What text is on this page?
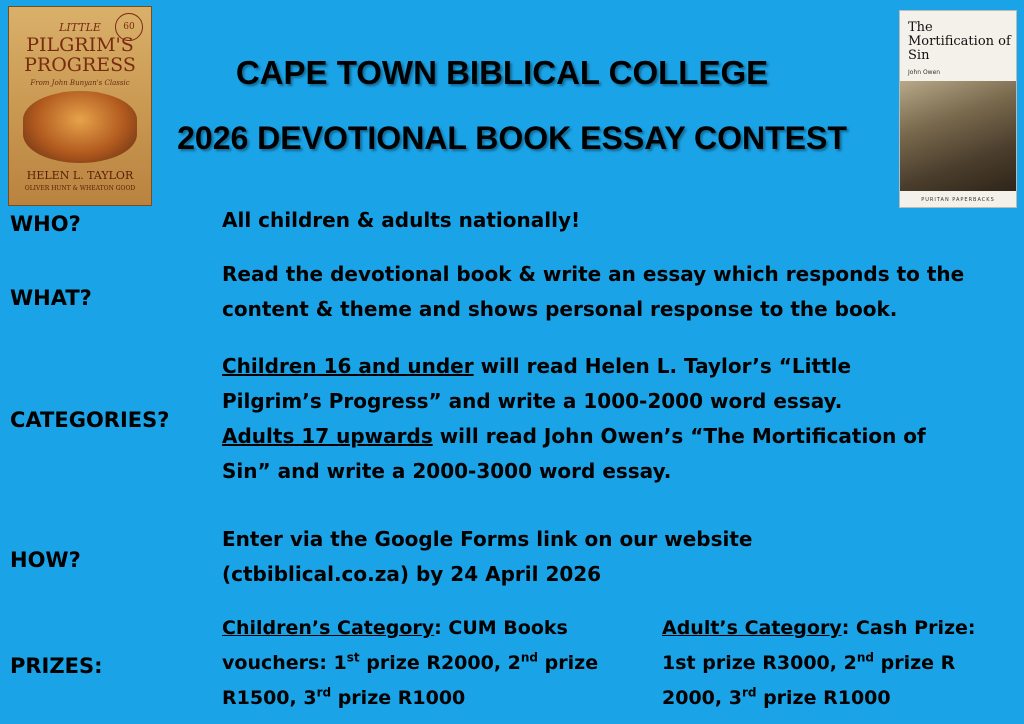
60
LITTLE
PILGRIM'S PROGRESS
From John Bunyan's Classic
HELEN L. TAYLOR
OLIVER HUNT & WHEATON GOOD
The Mortification of Sin
John Owen
PURITAN PAPERBACKS
CAPE TOWN BIBLICAL COLLEGE
2026 DEVOTIONAL BOOK ESSAY CONTEST
WHO?	All children & adults nationally!
WHAT?
Read the devotional book & write an essay which responds to the
content & theme and shows personal response to the book.
CATEGORIES?
Children 16 and under will read Helen L. Taylor’s “Little
Pilgrim’s Progress” and write a 1000-2000 word essay.
Adults 17 upwards will read John Owen’s “The Mortification of
Sin” and write a 2000-3000 word essay.
HOW?
Enter via the Google Forms link on our website
(ctbiblical.co.za) by 24 April 2026
PRIZES:
Children’s Category: CUM Books
vouchers: 1st prize R2000, 2nd prize
R1500, 3rd prize R1000
Adult’s Category: Cash Prize:
1st prize R3000, 2nd prize R
2000, 3rd prize R1000
